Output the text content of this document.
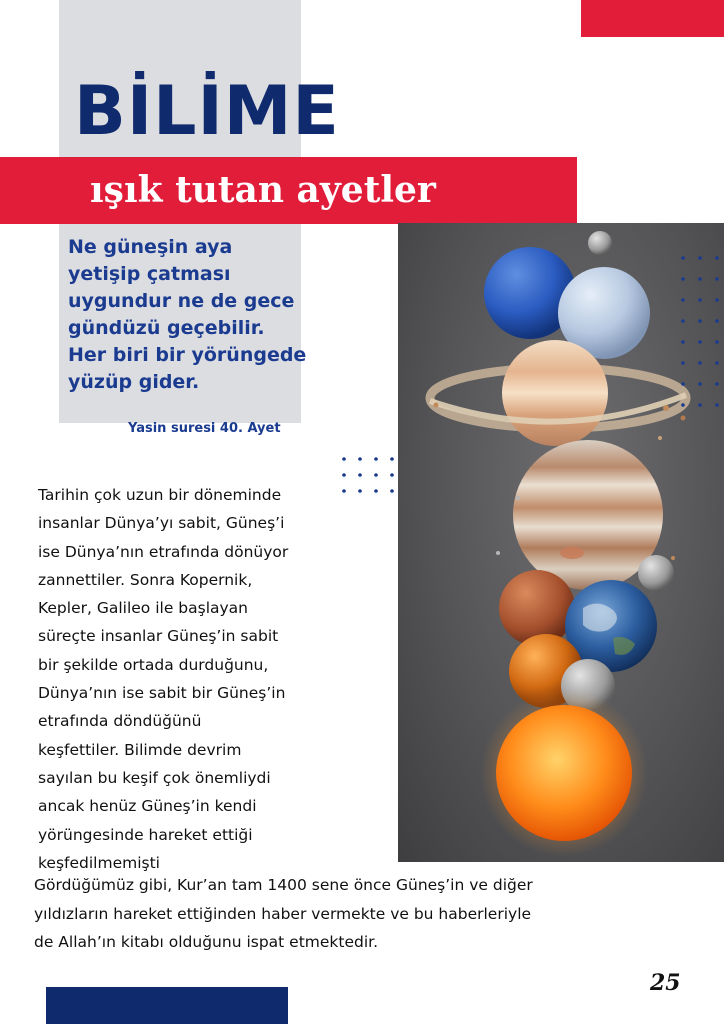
BİLİME
ışık tutan ayetler

Ne güneşin aya yetişip çatması uygundur ne de gece gündüzü geçebilir. Her biri bir yörüngede yüzüp gider.

Yasin suresi 40. Ayet

Tarihin çok uzun bir döneminde
insanlar Dünya’yı sabit, Güneş’i
ise Dünya’nın etrafında dönüyor
zannettiler. Sonra Kopernik,
Kepler, Galileo ile başlayan
süreçte insanlar Güneş’in sabit
bir şekilde ortada durduğunu,
Dünya’nın ise sabit bir Güneş’in
etrafında döndüğünü
keşfettiler. Bilimde devrim
sayılan bu keşif çok önemliydi
ancak henüz Güneş’in kendi
yörüngesinde hareket ettiği
keşfedilmemişti

Gördüğümüz gibi, Kur’an tam 1400 sene önce Güneş’in ve diğer
yıldızların hareket ettiğinden haber vermekte ve bu haberleriyle
de Allah’ın kitabı olduğunu ispat etmektedir.

25
